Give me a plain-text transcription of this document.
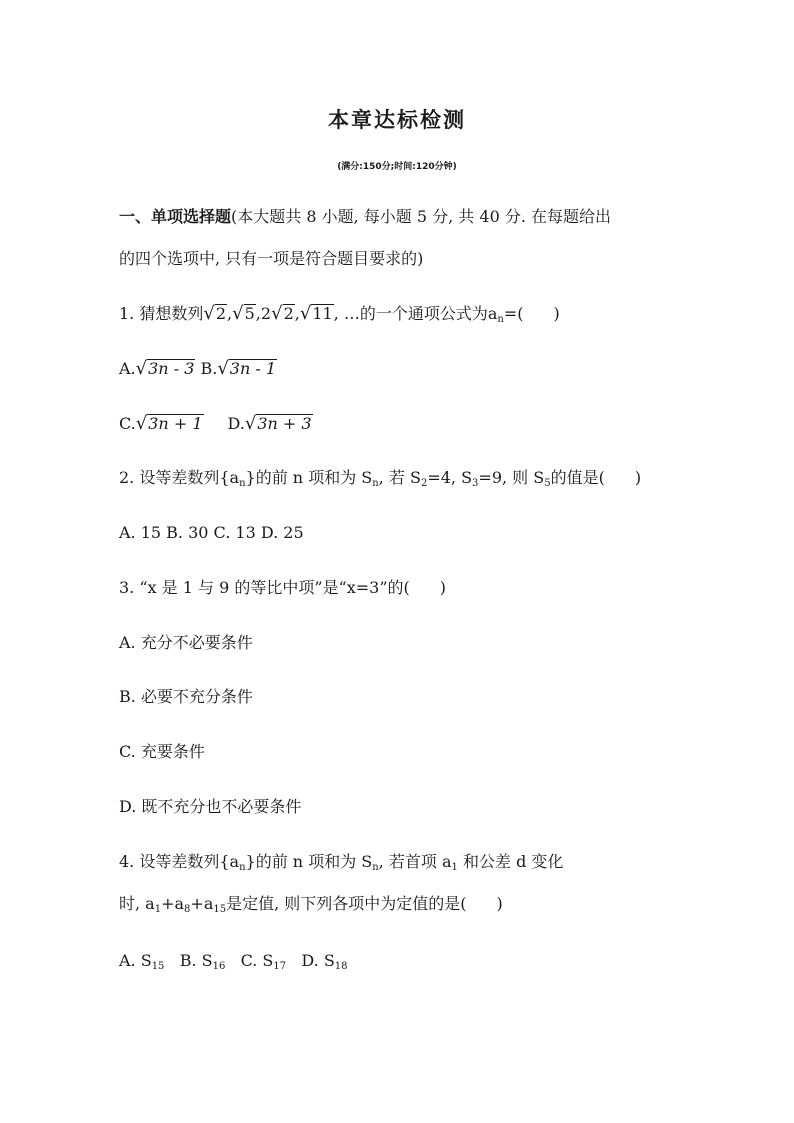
本章达标检测
(满分:150分;时间:120分钟)
一、单项选择题(本大题共 8 小题, 每小题 5 分, 共 40 分. 在每题给出
的四个选项中, 只有一项是符合题目要求的)
1. 猜想数列√2,√5,2√2,√11, …的一个通项公式为$a_n=$( )
A.√3n - 3 B.√3n - 1
C.√3n + 1 D.√3n + 3
2. 设等差数列$\{a_n\}$的前 n 项和为 $S_n$, 若 $S_2=4$, $S_3=9$, 则 $S_5$的值是( )
A. 15 B. 30 C. 13 D. 25
3. “x 是 1 与 9 的等比中项”是“x=3”的( )
A. 充分不必要条件
B. 必要不充分条件
C. 充要条件
D. 既不充分也不必要条件
4. 设等差数列$\{a_n\}$的前 n 项和为 $S_n$, 若首项 $a_1$ 和公差 d 变化
时, $a_1+a_8+a_{15}$是定值, 则下列各项中为定值的是( )
A. $S_{15}$ B. $S_{16}$ C. $S_{17}$ D. $S_{18}$
